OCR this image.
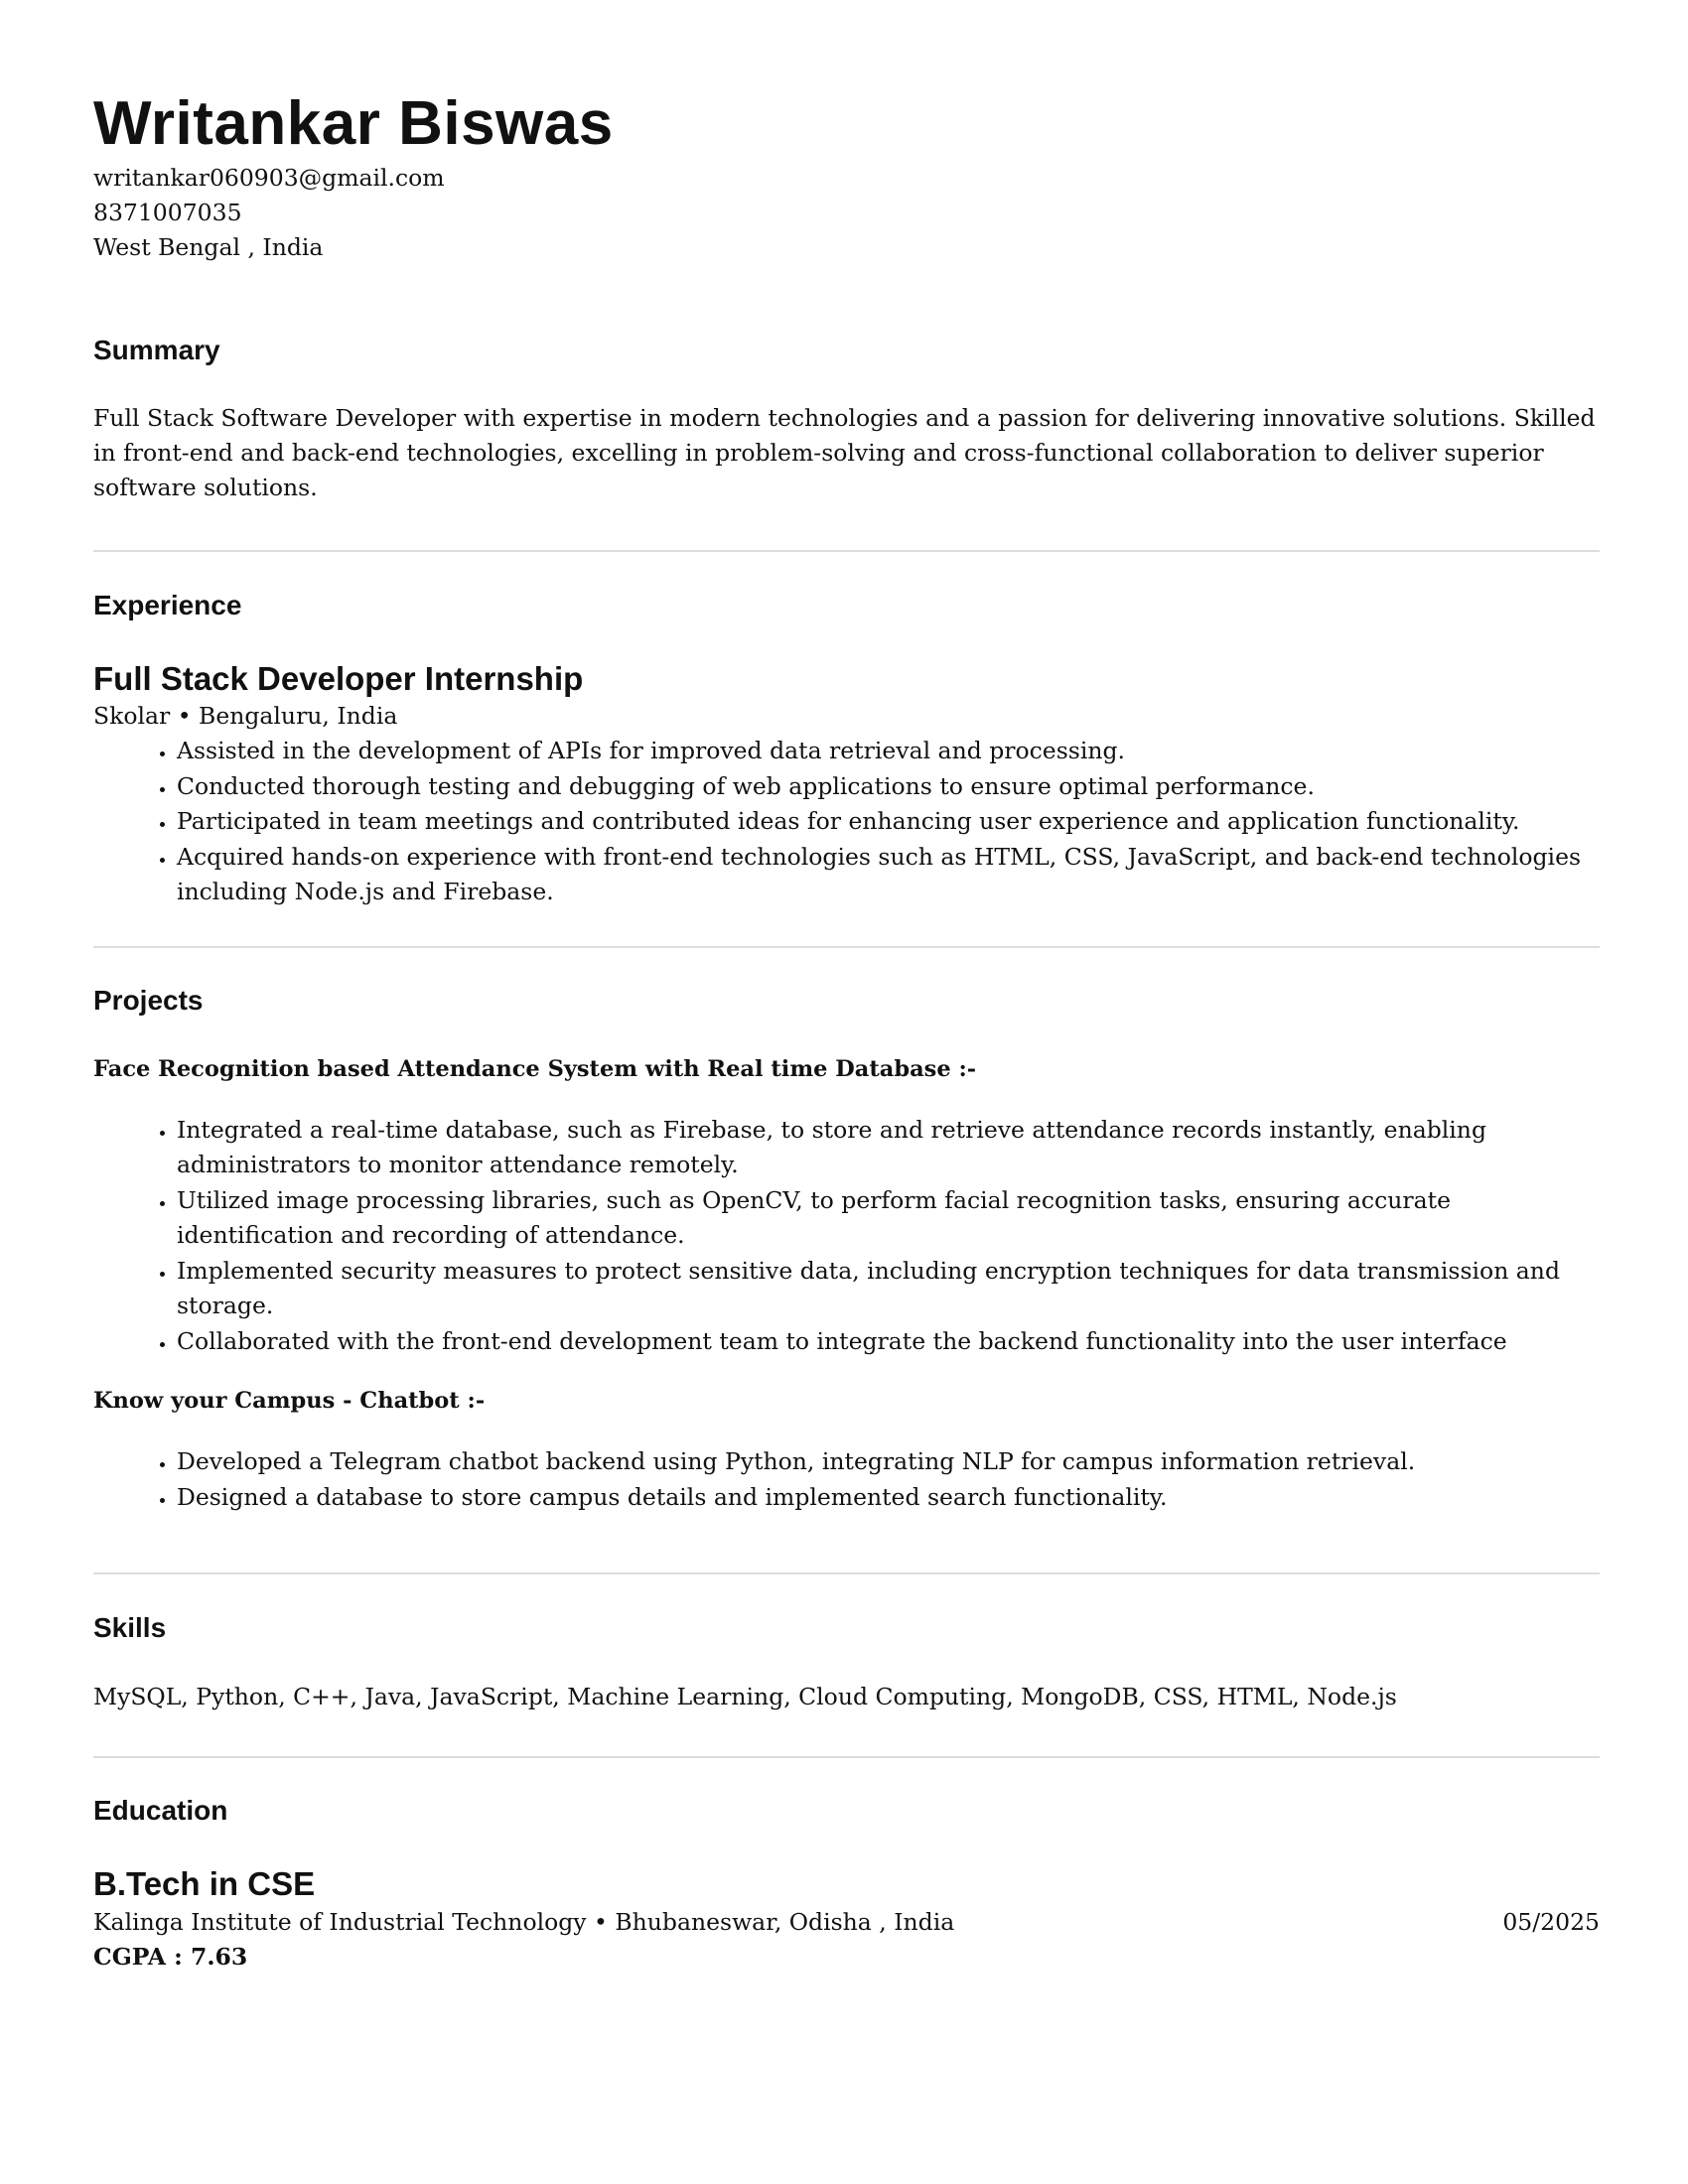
Writankar Biswas
writankar060903@gmail.com
8371007035
West Bengal , India
Summary

Full Stack Software Developer with expertise in modern technologies and a passion for delivering innovative solutions. Skilled in front-end and back-end technologies, excelling in problem-solving and cross-functional collaboration to deliver superior software solutions.

Experience
Full Stack Developer Internship
Skolar • Bengaluru, India
• Assisted in the development of APIs for improved data retrieval and processing.
• Conducted thorough testing and debugging of web applications to ensure optimal performance.
• Participated in team meetings and contributed ideas for enhancing user experience and application functionality.
• Acquired hands-on experience with front-end technologies such as HTML, CSS, JavaScript, and back-end technologies including Node.js and Firebase.
Projects
Face Recognition based Attendance System with Real time Database :-
• Integrated a real-time database, such as Firebase, to store and retrieve attendance records instantly, enabling administrators to monitor attendance remotely.
• Utilized image processing libraries, such as OpenCV, to perform facial recognition tasks, ensuring accurate identification and recording of attendance.
• Implemented security measures to protect sensitive data, including encryption techniques for data transmission and storage.
• Collaborated with the front-end development team to integrate the backend functionality into the user interface
Know your Campus - Chatbot :-
• Developed a Telegram chatbot backend using Python, integrating NLP for campus information retrieval.
• Designed a database to store campus details and implemented search functionality.
Skills

MySQL, Python, C++, Java, JavaScript, Machine Learning, Cloud Computing, MongoDB, CSS, HTML, Node.js

Education
B.Tech in CSE
Kalinga Institute of Industrial Technology • Bhubaneswar, Odisha , India	05/2025
CGPA : 7.63
